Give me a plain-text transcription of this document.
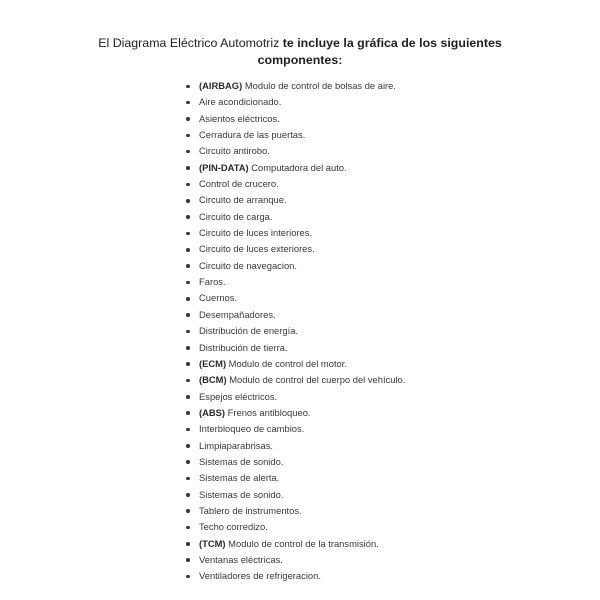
El Diagrama Eléctrico Automotriz te incluye la gráfica de los siguientes
componentes:
(AIRBAG) Modulo de control de bolsas de aire.
Aire acondicionado.
Asientos eléctricos.
Cerradura de las puertas.
Circuito antirobo.
(PIN-DATA) Computadora del auto.
Control de crucero.
Circuito de arranque.
Circuito de carga.
Circuito de luces interiores.
Circuito de luces exteriores.
Circuito de navegacion.
Faros.
Cuernos.
Desempañadores.
Distribución de energía.
Distribución de tierra.
(ECM) Modulo de control del motor.
(BCM) Modulo de control del cuerpo del vehículo.
Espejos eléctricos.
(ABS) Frenos antibloqueo.
Interbloqueo de cambios.
Limpiaparabrisas.
Sistemas de sonido.
Sistemas de alerta.
Sistemas de sonido.
Tablero de instrumentos.
Techo corredizo.
(TCM) Modulo de control de la transmisión.
Ventanas eléctricas.
Ventiladores de refrigeracion.
